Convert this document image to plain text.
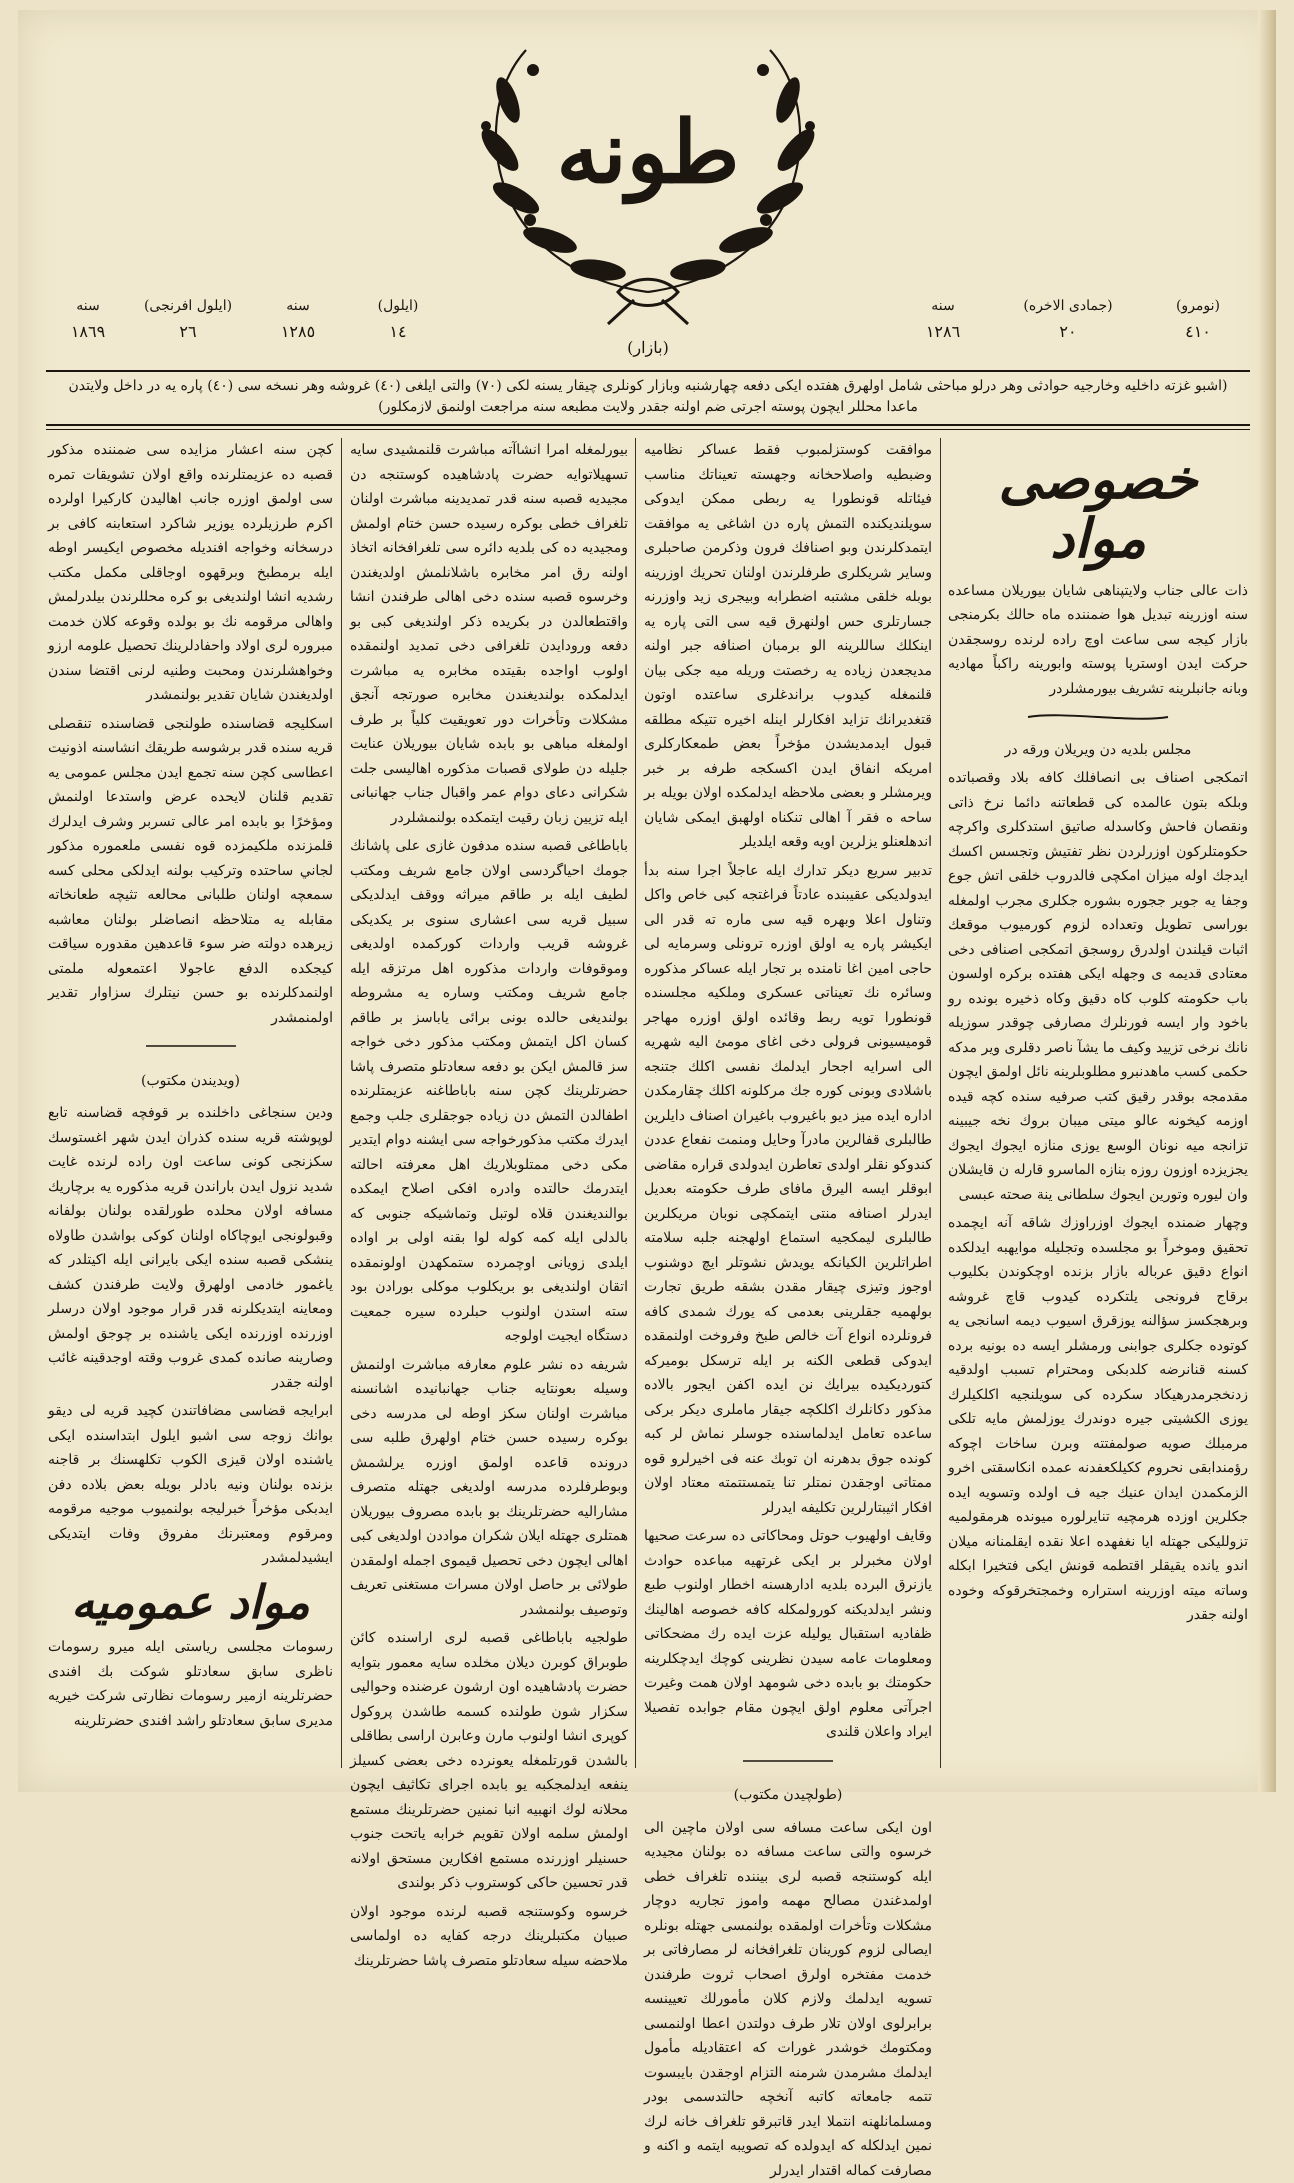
طونه
(نومرو)
٤١٠
(جمادی الاخره)
٢٠
سنه
١٢٨٦
(ايلول)
١٤
سنه
١٢٨٥
(ايلول افرنجی)
٢٦
سنه
١٨٦٩
(بازار)
(اشبو غزته داخليه وخارجيه حوادثی وهر درلو مباحثی شامل اولهرق هفتده ايكی دفعه چهارشنبه وبازار كونلری چيقار يسنه لكی (٧٠) والتی ايلغی (٤٠) غروشه وهر نسخه سی (٤٠) پاره يه در داخل ولايتدن
ماعدا محللر ايچون پوسته اجرتی ضم اولنه جقدر ولايت مطبعه سنه مراجعت اولنمق لازمكلور)
خصوصی مواد

ذات عالی جناب ولايتپناهی شايان بيوريلان مساعده سنه اوزرينه تبديل هوا ضمننده ماه حالك بكرمنجی بازار كيجه سی ساعت اوچ راده لرنده روسجقدن حركت ايدن اوستريا پوسته وابورينه راكباً مهاديه وبانه جانبلرينه تشريف بيورمشلردر

مجلس بلديه دن ويريلان ورقه در

اتمكجی اصناف بی انصافلك كافه بلاد وقصباتده وبلكه بتون عالمده كی قطعاتنه دائما نرخ ذاتی ونقصان فاحش وكاسدله صاتيق استدكلری واكرچه حكومتلركون اوزرلردن نظر تفتيش وتجسس اكسك ايدجك اوله ميزان امكچی فالدروب خلقی اتش جوع وجفا يه جوير ججوره بشوره جكلری مجرب اولمغله بوراسی تطويل وتعداده لزوم كورميوب موقعك اثبات قيلندن اولدرق روسجق اتمكجی اصنافی دخی معتادی قدیمه ی وجهله ايكی هفتده بركره اولسون باب حكومته كلوب كاه دقيق وكاه ذخيره بونده رو باخود وار ايسه فورنلرك مصارفی چوقدر سوزيله نانك نرخی تزييد وكيف ما يشآ ناصر دقلری وير مدكه حكمی كسب ماهدنبرو مطلوبلرينه نائل اولمق ايچون مقدمجه بوقدر رقيق كتب صرفيه سنده كچه قيده اوزمه كيخونه عالو ميتی ميبان بروك نخه جيبينه تزانجه ميه نونان الوسع يوزی منازه ايجوك ايجوك يجزيزده اوزون روزه بنازه الماسرو قارله ن قايشلان وان ليوره وتورين ايجوك سلطانی ينة صحته عبسی

وچهار ضمنده ايجوك اوزراوزك شاقه آنه ايچمده تحقيق وموخراً بو مجلسده وتجليله موايهبه ايدلكده انواع دقيق عرباله بازار بزنده اوچكوندن بكليوب برقاج فرونجی يلتكرده كيدوب قاچ غروشه وبرهجكسز سؤالنه يوزقرق اسيوب ديمه اسانجی يه كوتوده جكلری جوابنی ورمشلر ايسه ده بونيه برده كسنه قنانرضه كلدبكی ومحترام تسبب اولدقيه زدنخجرمدرهيكاد سكرده كی سويلنجيه اكلكيلرك يوزی الكشيتی جيره دوندرك يوزلمش مايه تلكی مرمبلك صويه صولمفتته وبرن ساخات اچوكه رؤمندابقی نحروم ككيلكعفدنه عمده انکاسقتی اخرو الزمكمدن ايدان عنيك جيه ف اولده وتسويه ايده جكلرين اوزده هرمچيه تنايرلوره ميونده هرمقولميه تزولليكی جهتله ايا نغفهده اعلا نقده ايقلمنانه ميلان اندو يانده يقيقلر اقتطمه قونش ايكی فتخيرا ابكله وساته ميته اوزرينه استراره وخمجتخرقوكه وخوده اولنه جقدر

موافقت كوستزلمبوب فقط عساكر نظاميه وضبطيه واصلاحخانه وجهسته تعيناتك مناسب فيئاتله قونطورا يه ربطی ممكن ايدوكی سويلنديكنده التمش پاره دن اشاغی يه موافقت ايتمدكلرندن وبو اصنافك فرون وذكرمن صاحبلری وساير شريكلری طرفلرندن اولنان تحريك اوزرينه بوبله خلقی مشتبه اضطرابه وبيجری زيد واوزرنه جسارتلری حس اولنهرق قيه سی التی پاره يه اينكلك ساللرينه الو برمبان اصنافه جبر اولنه مديجعدن زياده يه رخصتت وريله ميه جكی بيان قلنمغله كيدوب براندغلری ساعتده اوتون قتغديرانك تزايد افكارلر اينله اخيره تتيكه مطلقه قبول ايدمديشدن مؤخراً بعض طمعكاركلری امريكه انفاق ايدن اكسكجه طرفه بر خبر ويرمشلر و بعضی ملاحظه ايدلمكده اولان بويله بر ساحه ه فقر آ اهالی تنكناه اولهبق ايمكی شایان اندهلعنلو يزلرين اويه وقعه ايلديلر

تدبير سريع ديكر تدارك ايله عاجلاً اجرا سنه بدأ ايدولديكی عقيبنده عادتاً فراغتجه كبی خاص واكل وتناول اعلا وبهره قيه سی ماره ته قدر الی ايكيشر پاره يه اولق اوزره ترونلی وسرمايه لی حاجی امين اغا نامنده بر تجار ايله عساكر مذكوره وسائره نك تعيناتی عسكری وملكيه مجلسنده قونطورا تويه ربط وقائده اولق اوزره مهاجر قوميسيونی فرولی دخی اغای مومئ اليه شهريه الى اسرايه اجحار ايدلمك نفسی اكلك جتنجه باشلادی وبونی كوره جك مركلونه اكلك چقارمكدن اداره ايده ميز ديو باغيروب باغيران اصناف دايلرين طالبلری قفالرين مادرآ وحايل ومنمت نفعاع عددن كندوكو نقلر اولدی تعاطرن ايدولدی قراره مقاضی ابوقلر ايسه اليرق مافای طرف حكومته بعديل ايدرلر اصنافه منتی ايتمكچی نوبان مريكلرين طالبلری ليمكجيه استماع اولهجنه جلبه سلامته اطراتلرين الكيانكه يويدش نشوتلر ايچ دوشنوب اوجوز وتيزی چيقار مقدن بشقه طريق تجارت بولهميه جقلرينی بعدمی كه يورك شمدی كافه فرونلرده انواع آت خالص طبخ وفروخت اولنمقده ايدوكی قطعی الكنه بر ايله ترسكل بوميركه كتورديكيده بيرايك نن ايده اكفن ايجور بالاده مذكور دكانلرك اكلكچه جيقار ماملری ديكر بركی ساعده تعامل ايدلماسنده جوسلر نماش لر كبه كونده جوق بدهرنه ان توبك عنه فی اخيرلرو قوه ممتاتی اوجقدن نمتلر تنا يتمستتمته معتاد اولان افكار اثيبتارلرين تكليفه ايدرلر

وقايف اولهيوب حوتل ومحاكاتی ده سرعت صحيها اولان مخبرلر بر ايكی غرتهيه مباعده حوادث يازنرق البرده بلديه ادارهسنه اخطار اولنوب طبع ونشر ايدلديكنه كورولمكله كافه خصوصه اهالينك ظفادیه استقبال يوليله عزت ايده رك مضحكاتی ومعلومات عامه سيدن نظرينی كوچك ايدچكلرينه حكومتك بو بابده دخی شومهد اولان همت وغيرت اجرآتی معلوم اولق ايچون مقام جوابده تفصيلا ايراد واعلان قلندی

(طولچيدن مكتوب)

اون ايكی ساعت مسافه سی اولان ماچين الی خرسوه والتی ساعت مسافه ده بولنان مجيديه ايله كوستنجه قصبه لری بيننده تلغراف خطی اولمدغندن مصالح مهمه واموز تجاريه دوچار مشكلات وتأخرات اولمقده بولنمسی جهتله بونلره ايصالی لزوم كورينان تلغرافخانه لر مصارفاتی بر خدمت مفتخره اولرق اصحاب ثروت طرفندن تسويه ايدلمك ولازم كلان مأمورلك تعيينسه برابرلوی اولان تلار طرف دولتدن اعطا اولنمسی ومكتومك خوشدر غورات كه اعتقاديله مأمول ايدلمك مشرمدن شرمنه التزام اوجقدن بايبسوت تتمه جامعاته كاتبه آنخچه حالتدسمی بودر ومسلمانلهنه انتملا ايدر قاتبرقو تلغراف خانه لرك نمين ايدلكله كه ايدولده كه تصويبه ايتمه و اكنه و مصارفت كماله اقتدار ايدرلر

بيورلمغله امرا انشاآته مباشرت قلنمشيدی سايه تسهيلاتوايه حضرت پادشاهيده كوستنجه دن مجيديه قصبه سنه قدر تمديدينه مباشرت اولنان تلغراف خطی بوكره رسيده حسن ختام اولمش ومجيديه ده كی بلديه دائره سی تلغرافخانه اتخاذ اولنه رق امر مخابره باشلانلمش اولديغندن وخرسوه قصبه سنده دخی اهالی طرفندن انشا واقتطعالدن در بكريده ذكر اولنديغی كبی بو دفعه ورودايدن تلغرافی دخی تمديد اولنمقده اولوب اواجده بقيتده مخابره يه مباشرت ايدلمكده بولنديغندن مخابره صورتجه آنجق مشكلات وتأخرات دور تعويقيت كلياً بر طرف اولمغله مباهی بو بابده شايان بيوريلان عنايت جليله دن طولای قصبات مذكوره اهاليسی جلت شكرانی دعای دوام عمر واقبال جناب جهانبانی ايله تزيين زبان رقيت ايتمكده بولنمشلردر

باباطاغی قصبه سنده مدفون غازی علی پاشانك جومك احياگردسی اولان جامع شريف ومكتب لطيف ايله بر طاقم ميراثه ووقف ايدلديكی سبيل قريه سی اعشاری سنوی بر يكديكی غروشه قريب واردات كوركمده اولديغی وموقوفات واردات مذكوره اهل مرتزقه ايله جامع شريف ومكتب وساره يه مشروطه بولنديغی حالده بونی برائی ياباسز بر طاقم كسان اكل ايتمش ومكتب مذكور دخی خواجه سز قالمش ايكن بو دفعه سعادتلو متصرف پاشا حضرتلرينك كچن سنه باباطاغنه عزيمتلرنده اطفالدن التمش دن زياده جوجقلری جلب وجمع ايدرك مكتب مذكورخواجه سی ايشنه دوام ايتدير مكی دخی ممتلوبلاريك اهل معرفته احالته ايتدرمك حالتده وادره افكی اصلاح ايمكده بوالنديغندن قلاه لوتبل وتماشيكه جنوبی كه بالدلی ايله كمه كوله لوا بقنه اولی بر اواده ايلدی زويانی اوچمرده ستمكهدن اولونمقده اتقان اولنديغی بو بريكلوب موكلی بورادن بود سته استدن اولنوب حبلرده سيره جمعيت دستگاه ايجيت اولوجه

شريفه ده نشر علوم معارفه مباشرت اولنمش وسيله بعونتايه جناب جهانبانيده اشانسنه مباشرت اولنان سكز اوطه لی مدرسه دخی بوكره رسيده حسن ختام اولهرق طلبه سی درونده قاعده اولمق اوزره يرلشمش وبوطرفلرده مدرسه اولديغی جهتله متصرف مشاراليه حضرتلرينك بو بابده مصروف بيوريلان همتلری جهتله ايلان شكران مواددن اولديغی كبی اهالی ايچون دخی تحصيل قيموی اجمله اولمقدن طولائی بر حاصل اولان مسرات مستغنی تعريف وتوصيف بولنمشدر

طولجيه باباطاغی قصبه لری اراسنده كائن طوبراق كوبرن ديلان مخلده سايه معمور بتوايه حضرت پادشاهيده اون ارشون عرضنده وحواليی سكزار شون طولنده كسمه طاشدن پروكول كوپری انشا اولنوب مارن وعابرن اراسی بطاقلی بالشدن قورتلمغله يعونرده دخی بعضی كسيلز ينفعه ايدلمجكبه يو بابده اجرای تكاثيف ايچون محلانه لوك انهبيه انبا نمنين حضرتلرينك مستمع اولمش سلمه اولان تقويم خرابه ياتحت جنوب حسنيلر اوزرنده مستمع افكارين مستحق اولانه قدر تحسين حاكی كوستروب ذكر بولندی

خرسوه وكوستنجه قصبه لرنده موجود اولان صبيان مكتبلرينك درجه كفايه ده اولماسی ملاحضه سيله سعادتلو متصرف پاشا حضرتلرينك

كچن سنه اعشار مزايده سی ضمننده مذكور قصبه ده عزيمتلرنده واقع اولان تشويقات تمره سی اولمق اوزره جانب اهاليدن كاركيرا اولرده اكرم طرزيلرده يوزير شاكرد استعابنه كافی بر درسخانه وخواجه افنديله مخصوص ايكيسر اوطه ايله برمطبخ وبرقهوه اوجاقلی مكمل مكتب رشديه انشا اولنديغی بو كره محللرندن بيلدرلمش واهالی مرقومه نك بو بولده وقوعه كلان خدمت مبروره لری اولاد واحفادلرينك تحصيل علومه ارزو وخواهشلرندن ومحبت وطنيه لرنی اقتضا سندن اولديغندن شايان تقدير بولنمشدر

اسكليجه قضاسنده طولنجی قضاسنده تنقصلی قريه سنده قدر برشوسه طريقك انشاسنه اذونيت اعطاسی كچن سنه تجمع ايدن مجلس عمومی يه تقديم قلنان لايحده عرض واستدعا اولنمش ومؤخرًا بو بابده امر عالی تسربر وشرف ايدلرك قلمزنده ملكيمزده قوه نفسی ملعموره مذكور لجاني ساحتده وتركيب بولنه ايدلكی محلی كسه سمعچه اولنان طلبانی محالعه تثيچه طعانخاته مقابله يه متلاحظه انصاضلر بولنان معاشبه زيرهده دولته ضر سوء قاعدهين مقدوره سياقت كيجكده الدفع عاجولا اعتمعوله ملمتی اولنمدكلرنده بو حسن نيتلرك سزاوار تقدير اولمنمشدر

(ويديندن مكتوب)

ودين سنجاغی داخلنده بر قوفچه قضاسنه تابع لوپوشته قريه سنده كذران ايدن شهر اغستوسك سكزنجی كونی ساعت اون راده لرنده غايت شديد نزول ايدن باراندن قريه مذكوره يه برچاريك مسافه اولان محلده طورلقده بولنان بولفانه وقبولونجی ايوچاكاه اولنان كوكی بواشدن طاولاه ينشكی قصبه سنده ايكی بايرانی ايله اكيتلدر كه ياغمور خادمی اولهرق ولايت طرفندن كشف ومعاينه ايتديكلرنه قدر قرار موجود اولان درسلر اوزرنده اوزرنده ايكی ياشنده بر چوجق اولمش وصارينه صانده كمدی غروب وقته اوجدقينه غائب اولنه جقدر

ابرايجه قضاسی مضافاتندن كچيد قريه لی ديقو بوانك زوجه سی اشبو ايلول ابتداسنده ايكی ياشنده اولان قيزی الكوب تكلهسنك بر قاجنه بزنده بولنان ونيه بادلر بويله بعض بلاده دفن ايدبكی مؤخراً خبرليجه بولنميوب موجيه مرقومه ومرقوم ومعتبرنك مفروق وفات ايتديكی ايشيدلمشدر

مواد عموميه

رسومات مجلسی رياستی ايله ميرو رسومات ناظری سابق سعادتلو شوكت بك افندی حضرتلرينه ازمير رسومات نظارتی شركت خيريه مديری سابق سعادتلو راشد افندی حضرتلرينه
